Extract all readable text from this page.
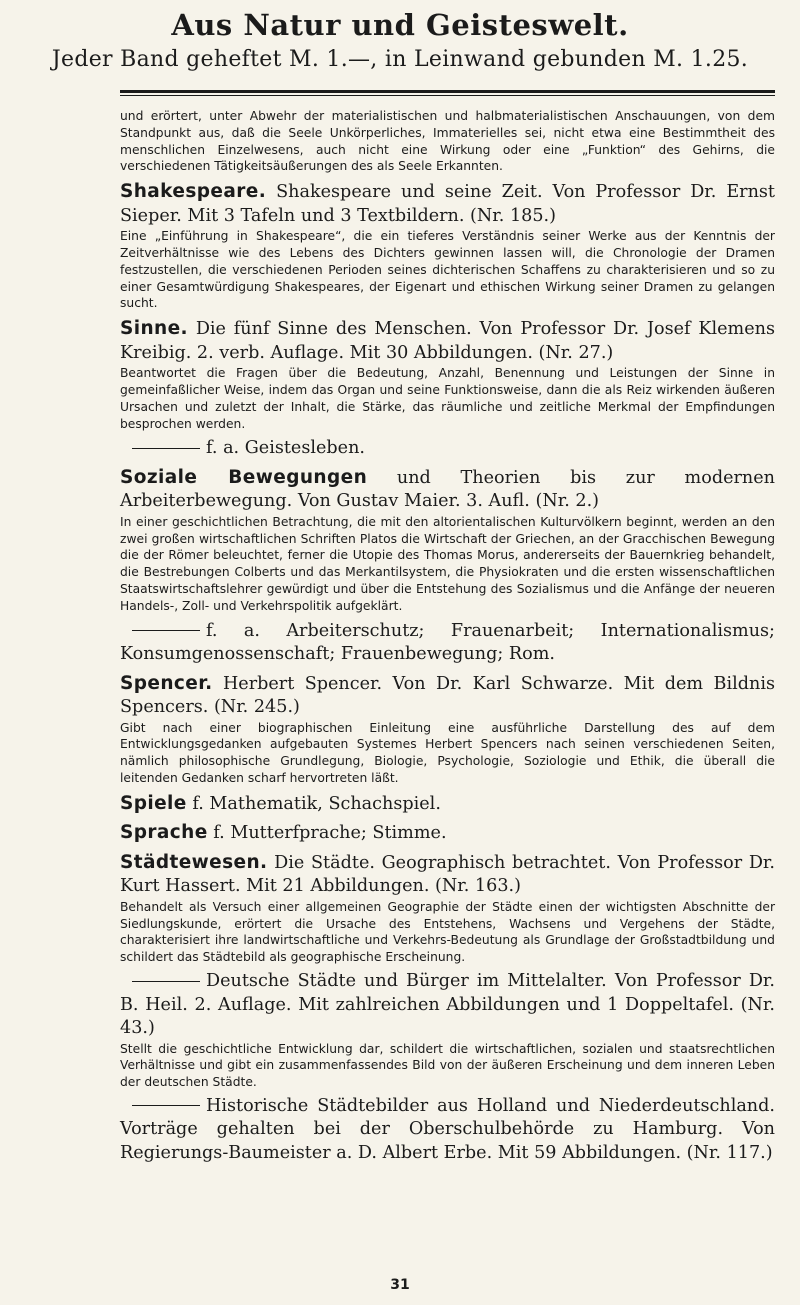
Aus Natur und Geisteswelt.
Jeder Band geheftet M. 1.—, in Leinwand gebunden M. 1.25.
und erörtert, unter Abwehr der materialistischen und halbmaterialistischen Anschauungen, von dem Standpunkt aus, daß die Seele Unkörperliches, Immaterielles sei, nicht etwa eine Bestimmtheit des menschlichen Einzelwesens, auch nicht eine Wirkung oder eine „Funktion“ des Gehirns, die verschiedenen Tätigkeitsäußerungen des als Seele Erkannten.
Shakespeare. Shakespeare und seine Zeit. Von Professor Dr. Ernst Sieper. Mit 3 Tafeln und 3 Textbildern. (Nr. 185.)
Eine „Einführung in Shakespeare“, die ein tieferes Verständnis seiner Werke aus der Kenntnis der Zeitverhältnisse wie des Lebens des Dichters gewinnen lassen will, die Chronologie der Dramen festzustellen, die verschiedenen Perioden seines dichterischen Schaffens zu charakterisieren und so zu einer Gesamtwürdigung Shakespeares, der Eigenart und ethischen Wirkung seiner Dramen zu gelangen sucht.
Sinne. Die fünf Sinne des Menschen. Von Professor Dr. Josef Klemens Kreibig. 2. verb. Auflage. Mit 30 Abbildungen. (Nr. 27.)
Beantwortet die Fragen über die Bedeutung, Anzahl, Benennung und Leistungen der Sinne in gemeinfaßlicher Weise, indem das Organ und seine Funktionsweise, dann die als Reiz wirkenden äußeren Ursachen und zuletzt der Inhalt, die Stärke, das räumliche und zeitliche Merkmal der Empfindungen besprochen werden.
f. a. Geistesleben.
Soziale Bewegungen und Theorien bis zur modernen Arbeiterbewegung. Von Gustav Maier. 3. Aufl. (Nr. 2.)
In einer geschichtlichen Betrachtung, die mit den altorientalischen Kulturvölkern beginnt, werden an den zwei großen wirtschaftlichen Schriften Platos die Wirtschaft der Griechen, an der Gracchischen Bewegung die der Römer beleuchtet, ferner die Utopie des Thomas Morus, andererseits der Bauernkrieg behandelt, die Bestrebungen Colberts und das Merkantilsystem, die Physiokraten und die ersten wissenschaftlichen Staatswirtschaftslehrer gewürdigt und über die Entstehung des Sozialismus und die Anfänge der neueren Handels-, Zoll- und Verkehrspolitik aufgeklärt.
f. a. Arbeiterschutz; Frauenarbeit; Internationalismus; Konsumgenossenschaft; Frauenbewegung; Rom.
Spencer. Herbert Spencer. Von Dr. Karl Schwarze. Mit dem Bildnis Spencers. (Nr. 245.)
Gibt nach einer biographischen Einleitung eine ausführliche Darstellung des auf dem Entwicklungsgedanken aufgebauten Systemes Herbert Spencers nach seinen verschiedenen Seiten, nämlich philosophische Grundlegung, Biologie, Psychologie, Soziologie und Ethik, die überall die leitenden Gedanken scharf hervortreten läßt.
Spiele f. Mathematik, Schachspiel.
Sprache f. Mutterfprache; Stimme.
Städtewesen. Die Städte. Geographisch betrachtet. Von Professor Dr. Kurt Hassert. Mit 21 Abbildungen. (Nr. 163.)
Behandelt als Versuch einer allgemeinen Geographie der Städte einen der wichtigsten Abschnitte der Siedlungskunde, erörtert die Ursache des Entstehens, Wachsens und Vergehens der Städte, charakterisiert ihre landwirtschaftliche und Verkehrs-Bedeutung als Grundlage der Großstadtbildung und schildert das Städtebild als geographische Erscheinung.
Deutsche Städte und Bürger im Mittelalter. Von Professor Dr. B. Heil. 2. Auflage. Mit zahlreichen Abbildungen und 1 Doppeltafel. (Nr. 43.)
Stellt die geschichtliche Entwicklung dar, schildert die wirtschaftlichen, sozialen und staatsrechtlichen Verhältnisse und gibt ein zusammenfassendes Bild von der äußeren Erscheinung und dem inneren Leben der deutschen Städte.
Historische Städtebilder aus Holland und Niederdeutschland. Vorträge gehalten bei der Oberschulbehörde zu Hamburg. Von Regierungs-Baumeister a. D. Albert Erbe. Mit 59 Abbildungen. (Nr. 117.)
31
